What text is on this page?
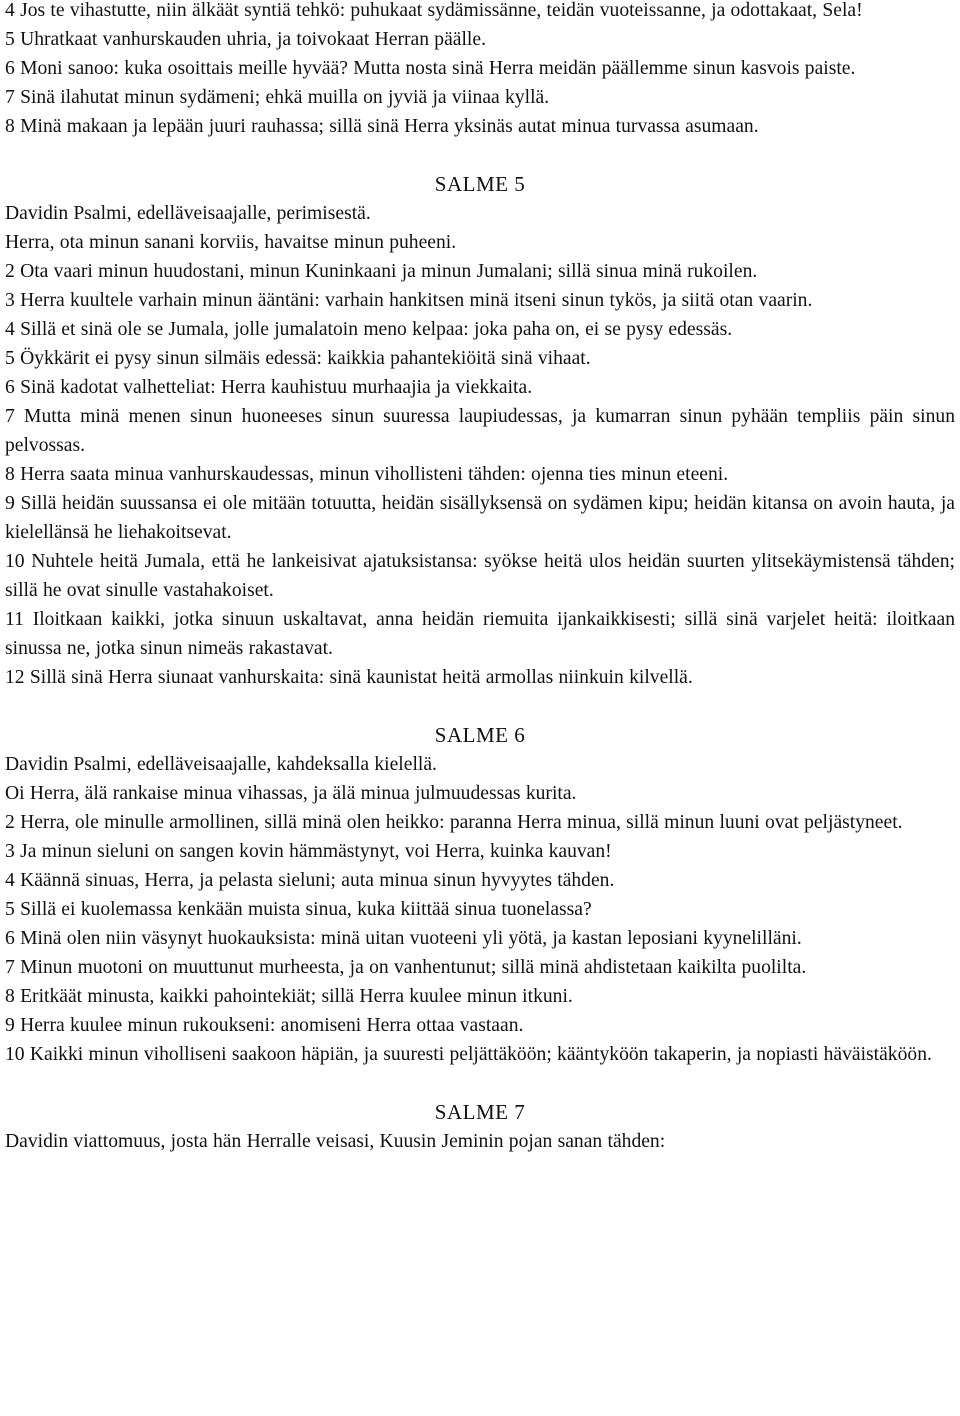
4 Jos te vihastutte, niin älkäät syntiä tehkö: puhukaat sydämissänne, teidän vuoteissanne, ja odottakaat, Sela!

5 Uhratkaat vanhurskauden uhria, ja toivokaat Herran päälle.

6 Moni sanoo: kuka osoittais meille hyvää? Mutta nosta sinä Herra meidän päällemme sinun kasvois paiste.

7 Sinä ilahutat minun sydämeni; ehkä muilla on jyviä ja viinaa kyllä.

8 Minä makaan ja lepään juuri rauhassa; sillä sinä Herra yksinäs autat minua turvassa asumaan.

SALME 5

Davidin Psalmi, edelläveisaajalle, perimisestä.

Herra, ota minun sanani korviis, havaitse minun puheeni.

2 Ota vaari minun huudostani, minun Kuninkaani ja minun Jumalani; sillä sinua minä rukoilen.

3 Herra kuultele varhain minun ääntäni: varhain hankitsen minä itseni sinun tykös, ja siitä otan vaarin.

4 Sillä et sinä ole se Jumala, jolle jumalatoin meno kelpaa: joka paha on, ei se pysy edessäs.

5 Öykkärit ei pysy sinun silmäis edessä: kaikkia pahantekiöitä sinä vihaat.

6 Sinä kadotat valhetteliat: Herra kauhistuu murhaajia ja viekkaita.

7 Mutta minä menen sinun huoneeses sinun suuressa laupiudessas, ja kumarran sinun pyhään templiis päin sinun pelvossas.

8 Herra saata minua vanhurskaudessas, minun vihollisteni tähden: ojenna ties minun eteeni.

9 Sillä heidän suussansa ei ole mitään totuutta, heidän sisällyksensä on sydämen kipu; heidän kitansa on avoin hauta, ja kielellänsä he liehakoitsevat.

10 Nuhtele heitä Jumala, että he lankeisivat ajatuksistansa: syökse heitä ulos heidän suurten ylitsekäymistensä tähden; sillä he ovat sinulle vastahakoiset.

11 Iloitkaan kaikki, jotka sinuun uskaltavat, anna heidän riemuita ijankaikkisesti; sillä sinä varjelet heitä: iloitkaan sinussa ne, jotka sinun nimeäs rakastavat.

12 Sillä sinä Herra siunaat vanhurskaita: sinä kaunistat heitä armollas niinkuin kilvellä.

SALME 6

Davidin Psalmi, edelläveisaajalle, kahdeksalla kielellä.

Oi Herra, älä rankaise minua vihassas, ja älä minua julmuudessas kurita.

2 Herra, ole minulle armollinen, sillä minä olen heikko: paranna Herra minua, sillä minun luuni ovat peljästyneet.

3 Ja minun sieluni on sangen kovin hämmästynyt, voi Herra, kuinka kauvan!

4 Käännä sinuas, Herra, ja pelasta sieluni; auta minua sinun hyvyytes tähden.

5 Sillä ei kuolemassa kenkään muista sinua, kuka kiittää sinua tuonelassa?

6 Minä olen niin väsynyt huokauksista: minä uitan vuoteeni yli yötä, ja kastan leposiani kyynelilläni.

7 Minun muotoni on muuttunut murheesta, ja on vanhentunut; sillä minä ahdistetaan kaikilta puolilta.

8 Eritkäät minusta, kaikki pahointekiät; sillä Herra kuulee minun itkuni.

9 Herra kuulee minun rukoukseni: anomiseni Herra ottaa vastaan.

10 Kaikki minun viholliseni saakoon häpiän, ja suuresti peljättäköön; kääntyköön takaperin, ja nopiasti häväistäköön.

SALME 7

Davidin viattomuus, josta hän Herralle veisasi, Kuusin Jeminin pojan sanan tähden:
